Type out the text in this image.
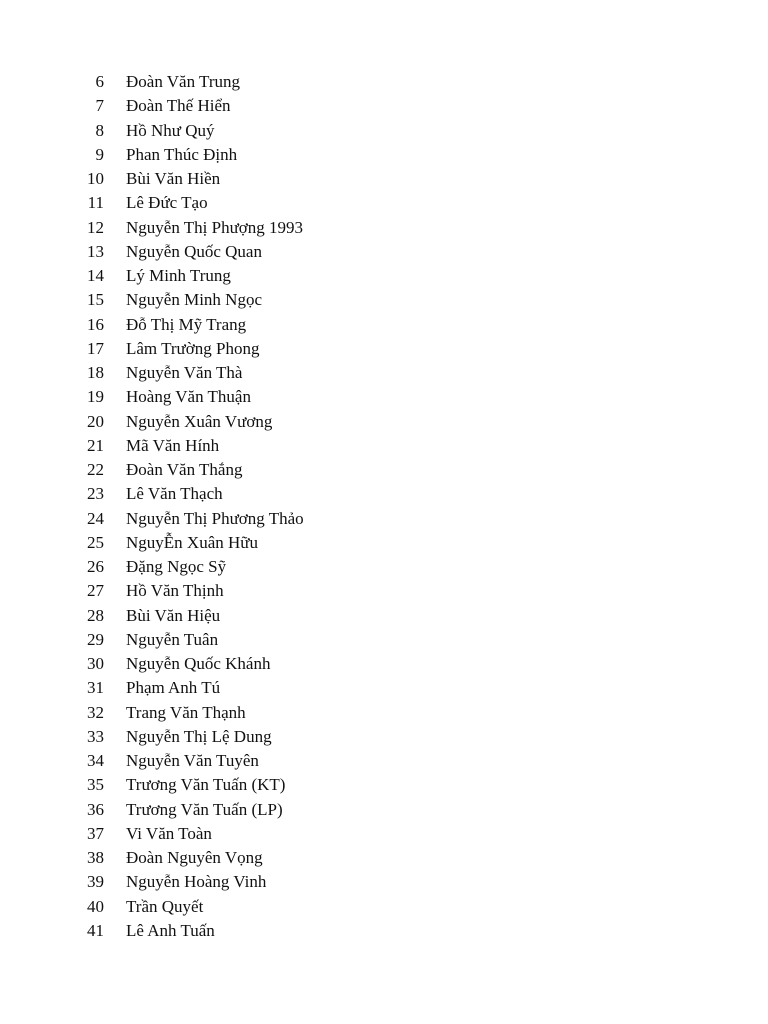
6 Đoàn Văn Trung
7 Đoàn Thế Hiển
8 Hồ Như Quý
9 Phan Thúc Định
10 Bùi Văn Hiền
11 Lê Đức Tạo
12 Nguyễn Thị Phượng 1993
13 Nguyễn Quốc Quan
14 Lý Minh Trung
15 Nguyễn Minh Ngọc
16 Đỗ Thị Mỹ Trang
17 Lâm Trường Phong
18 Nguyễn Văn Thà
19 Hoàng Văn Thuận
20 Nguyễn Xuân Vương
21 Mã Văn Hính
22 Đoàn Văn Thắng
23 Lê Văn Thạch
24 Nguyễn Thị Phương Thảo
25 NguyỄn Xuân Hữu
26 Đặng Ngọc Sỹ
27 Hồ Văn Thịnh
28 Bùi Văn Hiệu
29 Nguyễn Tuân
30 Nguyễn Quốc Khánh
31 Phạm Anh Tú
32 Trang Văn Thạnh
33 Nguyễn Thị Lệ Dung
34 Nguyễn Văn Tuyên
35 Trương Văn Tuấn (KT)
36 Trương Văn Tuấn (LP)
37 Vi Văn Toàn
38 Đoàn Nguyên Vọng
39 Nguyễn Hoàng Vinh
40 Trần Quyết
41 Lê Anh Tuấn
